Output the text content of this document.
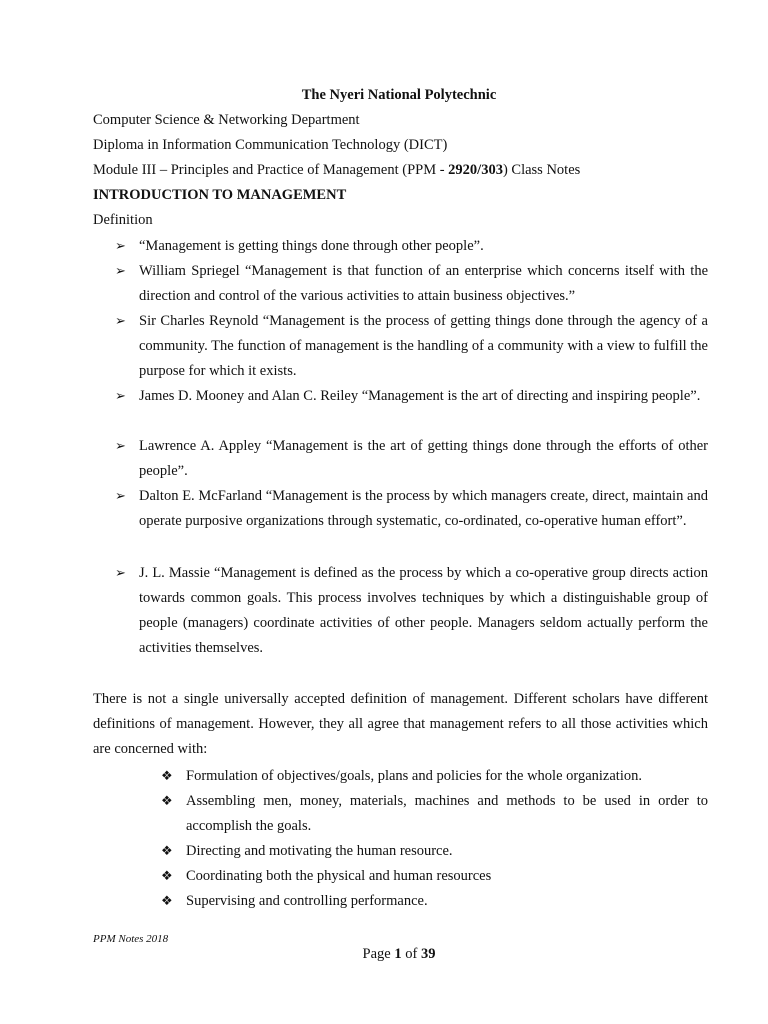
The Nyeri National Polytechnic
Computer Science & Networking Department
Diploma in Information Communication Technology (DICT)
Module III – Principles and Practice of Management (PPM - 2920/303) Class Notes
INTRODUCTION TO MANAGEMENT
Definition
➢ “Management is getting things done through other people”.
➢ William Spriegel “Management is that function of an enterprise which concerns itself with the direction and control of the various activities to attain business objectives.”
➢ Sir Charles Reynold “Management is the process of getting things done through the agency of a community. The function of management is the handling of a community with a view to fulfill the purpose for which it exists.
➢ James D. Mooney and Alan C. Reiley “Management is the art of directing and inspiring people”.
➢ Lawrence A. Appley “Management is the art of getting things done through the efforts of other people”.
➢ Dalton E. McFarland “Management is the process by which managers create, direct, maintain and operate purposive organizations through systematic, co-ordinated, co-operative human effort”.
➢ J. L. Massie “Management is defined as the process by which a co-operative group directs action towards common goals. This process involves techniques by which a distinguishable group of people (managers) coordinate activities of other people. Managers seldom actually perform the activities themselves.
There is not a single universally accepted definition of management. Different scholars have different definitions of management. However, they all agree that management refers to all those activities which are concerned with:
❖ Formulation of objectives/goals, plans and policies for the whole organization.
❖ Assembling men, money, materials, machines and methods to be used in order to accomplish the goals.
❖ Directing and motivating the human resource.
❖ Coordinating both the physical and human resources
❖ Supervising and controlling performance.
PPM Notes 2018
Page 1 of 39
